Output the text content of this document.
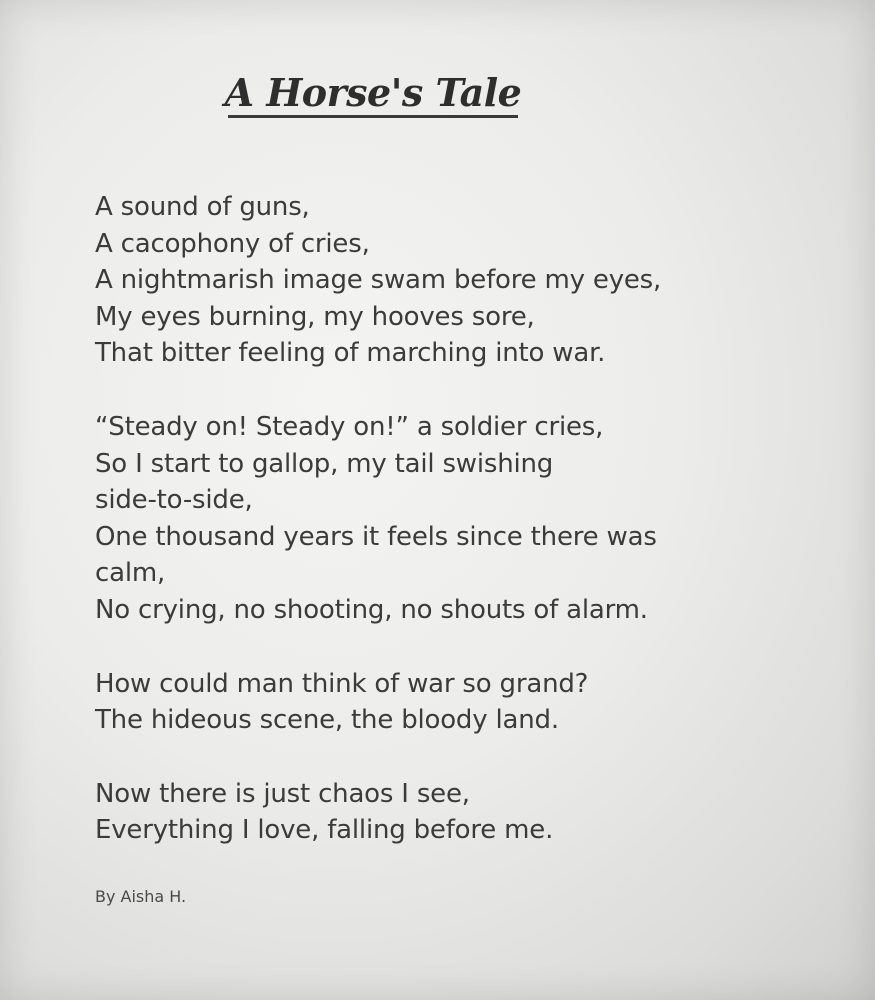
A Horse's Tale
A sound of guns,
A cacophony of cries,
A nightmarish image swam before my eyes,
My eyes burning, my hooves sore,
That bitter feeling of marching into war.
“Steady on! Steady on!” a soldier cries,
So I start to gallop, my tail swishing
side-to-side,
One thousand years it feels since there was
calm,
No crying, no shooting, no shouts of alarm.
How could man think of war so grand?
The hideous scene, the bloody land.
Now there is just chaos I see,
Everything I love, falling before me.
By Aisha H.
